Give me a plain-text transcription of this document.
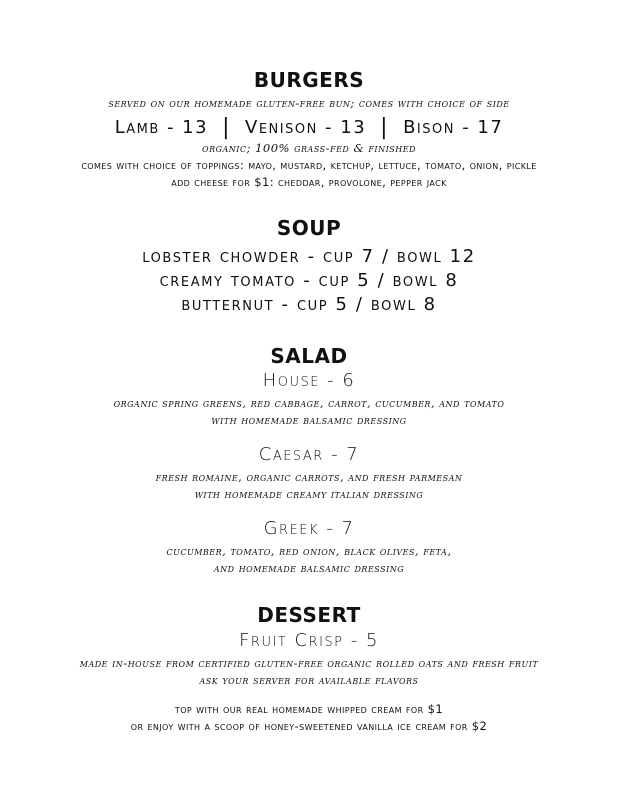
BURGERS
served on our homemade gluten-free bun; comes with choice of side
Lamb - 13 | Venison - 13 | Bison - 17
organic; 100% grass-fed & finished
comes with choice of toppings: mayo, mustard, ketchup, lettuce, tomato, onion, pickle
add cheese for $1: cheddar, provolone, pepper jack
SOUP
lobster chowder - cup 7 / bowl 12
creamy tomato - cup 5 / bowl 8
butternut - cup 5 / bowl 8
SALAD
House - 6
organic spring greens, red cabbage, carrot, cucumber, and tomato
with homemade balsamic dressing
Caesar - 7
fresh romaine, organic carrots, and fresh parmesan
with homemade creamy italian dressing
Greek - 7
cucumber, tomato, red onion, black olives, feta,
and homemade balsamic dressing
DESSERT
Fruit Crisp - 5
made in-house from certified gluten-free organic rolled oats and fresh fruit
ask your server for available flavors
top with our real homemade whipped cream for $1
or enjoy with a scoop of honey-sweetened vanilla ice cream for $2
